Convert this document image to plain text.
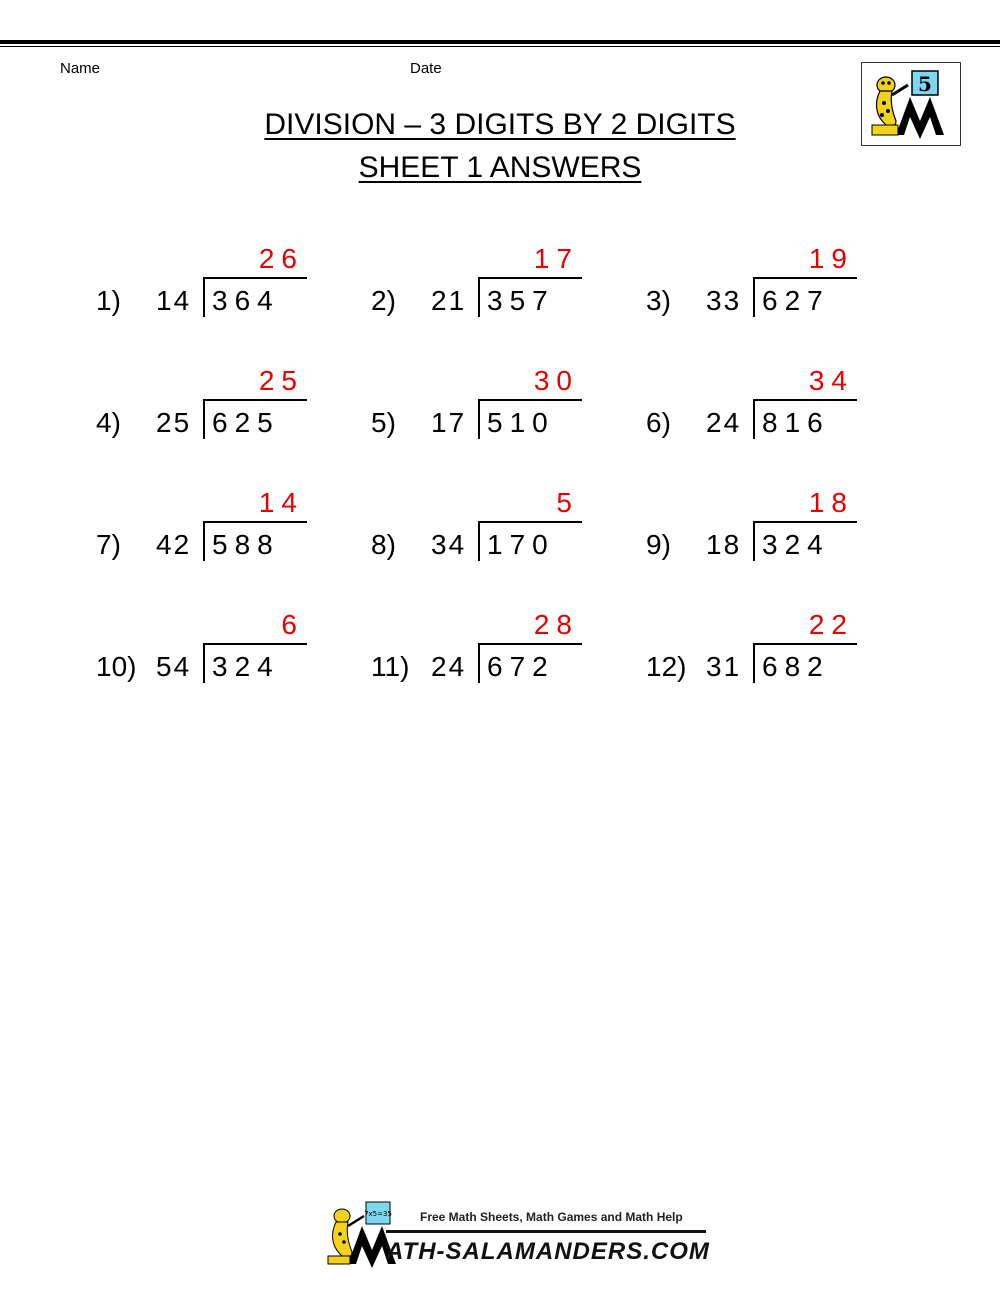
Name	Date
DIVISION – 3 DIGITS BY 2 DIGITS
SHEET 1 ANSWERS
5
1) 14 364
26
2) 21 357
17
3) 33 627
19
4) 25 625
25
5) 17 510
30
6) 24 816
34
7) 42 588
14
8) 34 170
5
9) 18 324
18
10) 54 324
6
11) 24 672
28
12) 31 682
22
7x5=35 Free Math Sheets, Math Games and Math Help
ATH-SALAMANDERS.COM
